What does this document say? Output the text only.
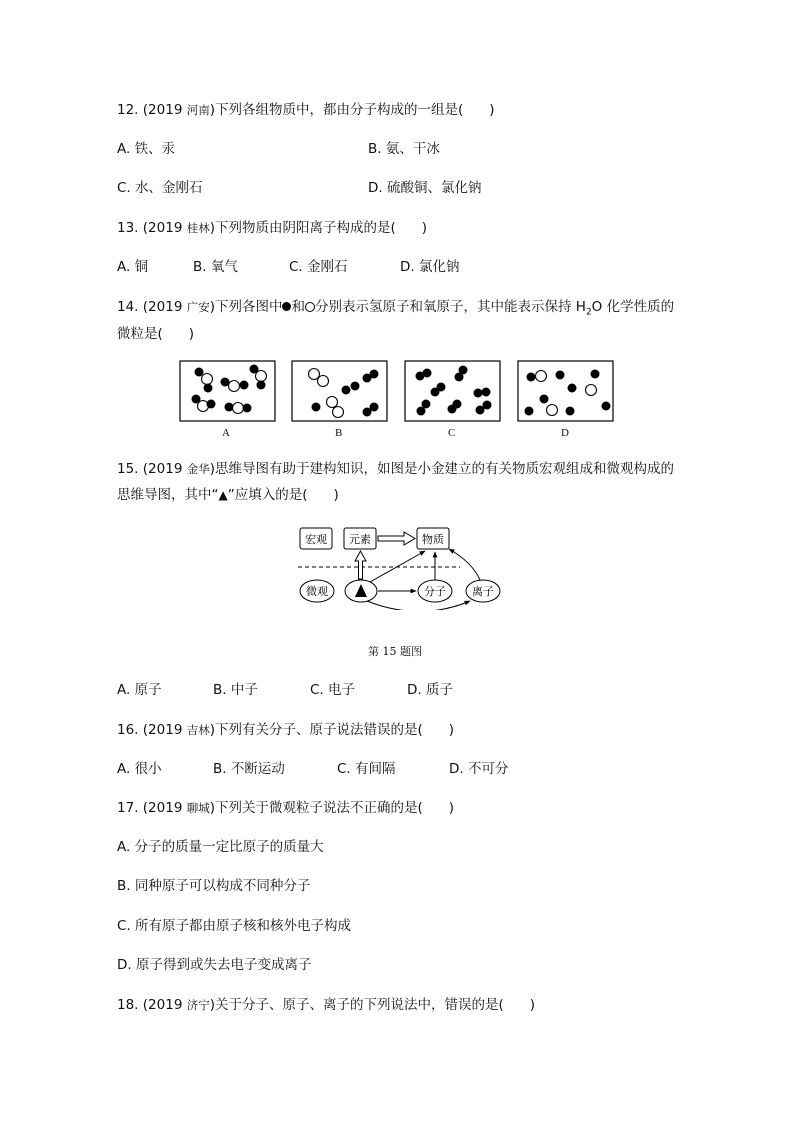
12. (2019 河南)下列各组物质中，都由分子构成的一组是( )
A. 铁、汞	B. 氨、干冰
C. 水、金刚石	D. 硫酸铜、氯化钠
13. (2019 桂林)下列物质由阴阳离子构成的是( )
A. 铜	B. 氧气	C. 金刚石	D. 氯化钠
14. (2019 广安)下列各图中 和 分别表示氢原子和氧原子，其中能表示保持 $H_2O$ 化学性质的
微粒是( )
A	B	C	D
15. (2019 金华)思维导图有助于建构知识，如图是小金建立的有关物质宏观组成和微观构成的
思维导图，其中“▲”应填入的是( )
宏观 元素	物质
微观	分子 离子
第 15 题图
A. 原子	B. 中子	C. 电子	D. 质子
16. (2019 吉林)下列有关分子、原子说法错误的是( )
A. 很小	B. 不断运动	C. 有间隔	D. 不可分
17. (2019 聊城)下列关于微观粒子说法不正确的是( )
A. 分子的质量一定比原子的质量大
B. 同种原子可以构成不同种分子
C. 所有原子都由原子核和核外电子构成
D. 原子得到或失去电子变成离子
18. (2019 济宁)关于分子、原子、离子的下列说法中，错误的是( )
